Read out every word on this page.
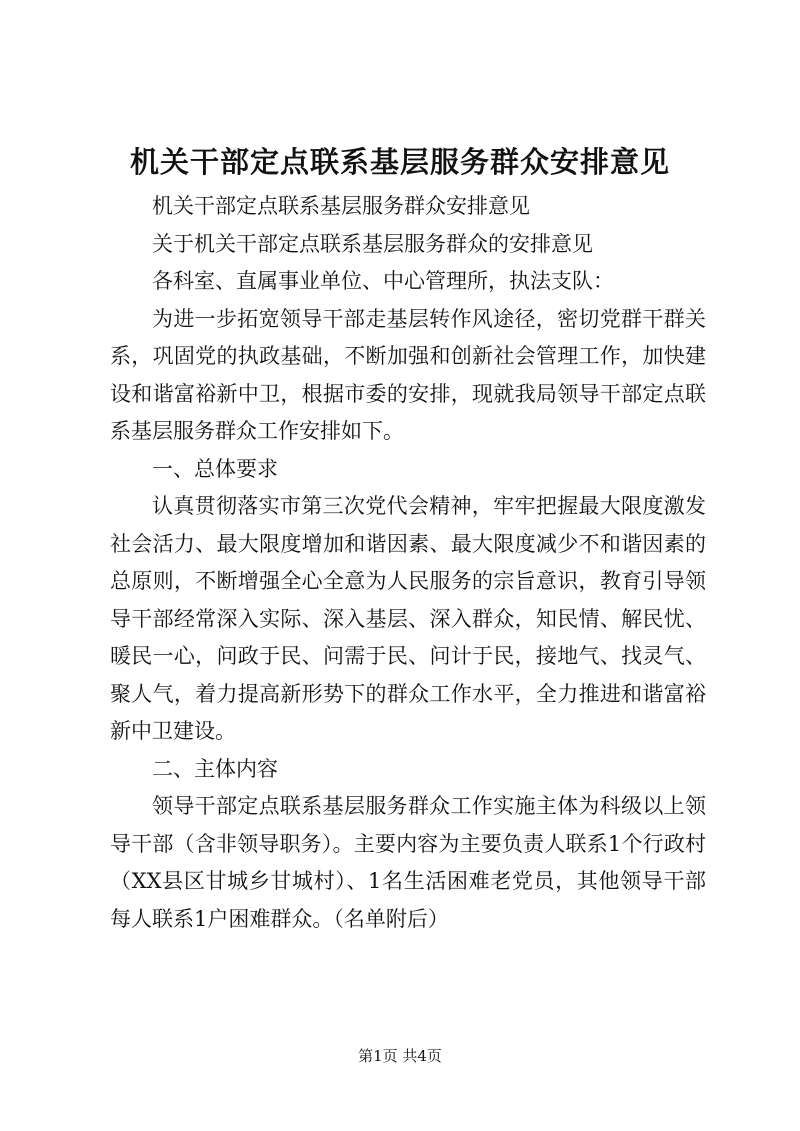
机关干部定点联系基层服务群众安排意见

机关干部定点联系基层服务群众安排意见

关于机关干部定点联系基层服务群众的安排意见

各科室、直属事业单位、中心管理所，执法支队：

为进一步拓宽领导干部走基层转作风途径，密切党群干群关系，巩固党的执政基础，不断加强和创新社会管理工作，加快建设和谐富裕新中卫，根据市委的安排，现就我局领导干部定点联系基层服务群众工作安排如下。

一、总体要求

认真贯彻落实市第三次党代会精神，牢牢把握最大限度激发社会活力、最大限度增加和谐因素、最大限度减少不和谐因素的总原则，不断增强全心全意为人民服务的宗旨意识，教育引导领导干部经常深入实际、深入基层、深入群众，知民情、解民忧、暖民一心，问政于民、问需于民、问计于民，接地气、找灵气、聚人气，着力提高新形势下的群众工作水平，全力推进和谐富裕新中卫建设。

二、主体内容

领导干部定点联系基层服务群众工作实施主体为科级以上领导干部（含非领导职务）。主要内容为主要负责人联系1个行政村（XX县区甘城乡甘城村）、1名生活困难老党员，其他领导干部每人联系1户困难群众。（名单附后）

第1页 共4页
